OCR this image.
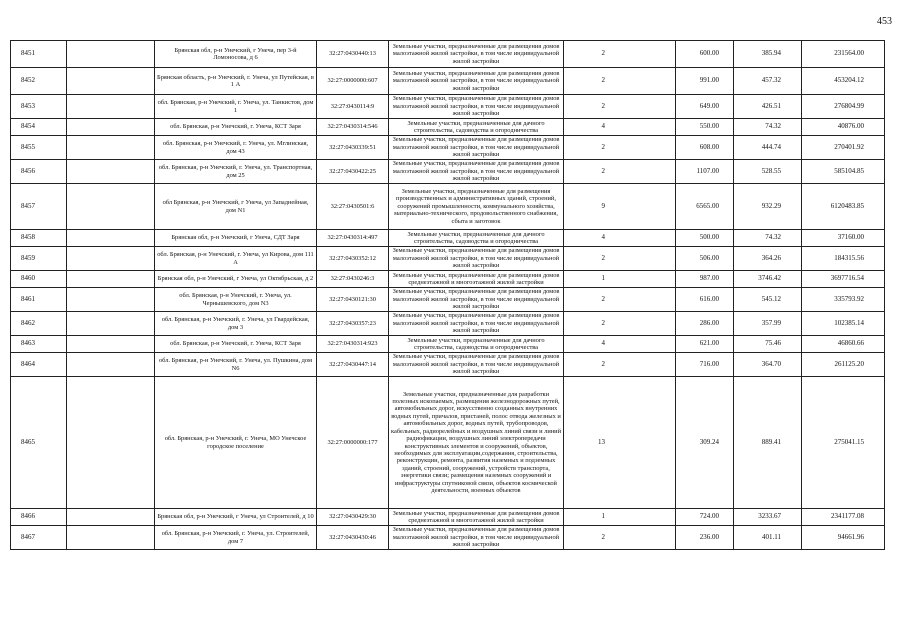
453
8451		Брянская обл, р-н Унечский, г Унеча, пер 3-й Ломоносова, д 6	32:27:0430440:13	Земельные участки, предназначенные для размещения домов малоэтажной жилой застройки, в том числе индивидуальной жилой застройки	2	600.00	385.94	231564.00
8452		Брянская область, р-н Унечский, г. Унеча, ул Путейская, в 1 А	32:27:0000000:607	Земельные участки, предназначенные для размещения домов малоэтажной жилой застройки, в том числе индивидуальной жилой застройки	2	991.00	457.32	453204.12
8453		обл. Брянская, р-н Унечский, г. Унеча, ул. Танкистов, дом 1	32:27:0430114:9	Земельные участки, предназначенные для размещения домов малоэтажной жилой застройки, в том числе индивидуальной жилой застройки	2	649.00	426.51	276804.99
8454		обл. Брянская, р-н Унечский, г. Унеча, КСТ Заря	32:27:0430314:546	Земельные участки, предназначенные для дачного строительства, садоводства и огородничества	4	550.00	74.32	40876.00
8455		обл. Брянская, р-н Унечский, г. Унеча, ул. Мглинская, дом 43	32:27:0430339:51	Земельные участки, предназначенные для размещения домов малоэтажной жилой застройки, в том числе индивидуальной жилой застройки	2	608.00	444.74	270401.92
8456		обл. Брянская, р-н Унечский, г. Унеча, ул. Транспортная, дом 25	32:27:0430422:25	Земельные участки, предназначенные для размещения домов малоэтажной жилой застройки, в том числе индивидуальной жилой застройки	2	1107.00	528.55	585104.85
8457		обл Брянская, р-н Унечский, г Унеча, ул Западнейная, дом N1	32:27:0430501:6	Земельные участки, предназначенные для размещения производственных и административных зданий, строений, сооружений промышленности, коммунального хозяйства, материально-технического, продовольственного снабжения, сбыта и заготовок	9	6565.00	932.29	6120483.85
8458		Брянская обл, р-н Унечский, г Унеча, СДТ Заря	32:27:0430314:497	Земельные участки, предназначенные для дачного строительства, садоводства и огородничества	4	500.00	74.32	37160.00
8459		обл. Брянская, р-н Унечский, г. Унеча, ул Кирова, дом 111 А	32:27:0430352:12	Земельные участки, предназначенные для размещения домов малоэтажной жилой застройки, в том числе индивидуальной жилой застройки	2	506.00	364.26	184315.56
8460		Брянская обл, р-н Унечский, г Унеча, ул Октябрьская, д 2	32:27:0430246:3	Земельные участки, предназначенные для размещения домов среднеэтажной и многоэтажной жилой застройки	1	987.00	3746.42	3697716.54
8461		обл. Брянская, р-н Унечский, г. Унеча, ул. Чернышевского, дом N3	32:27:0430121:30	Земельные участки, предназначенные для размещения домов малоэтажной жилой застройки, в том числе индивидуальной жилой застройки	2	616.00	545.12	335793.92
8462		обл. Брянская, р-н Унечский, г. Унеча, ул Гвардейская, дом 3	32:27:0430357:23	Земельные участки, предназначенные для размещения домов малоэтажной жилой застройки, в том числе индивидуальной жилой застройки	2	286.00	357.99	102385.14
8463		обл. Брянская, р-н Унечский, г. Унеча, КСТ Заря	32:27:0430314:923	Земельные участки, предназначенные для дачного строительства, садоводства и огородничества	4	621.00	75.46	46860.66
8464		обл. Брянская, р-н Унечский, г. Унеча, ул. Пушкина, дом N6	32:27:0430447:14	Земельные участки, предназначенные для размещения домов малоэтажной жилой застройки, в том числе индивидуальной жилой застройки	2	716.00	364.70	261125.20
8465		обл. Брянская, р-н Унечский, г. Унеча, МО Унечское городское поселение	32:27:0000000:177	Земельные участки, предназначенные для разработки полезных ископаемых, размещения железнодорожных путей, автомобильных дорог, искусственно созданных внутренних водных путей, причалов, пристаней, полос отвода железных и автомобильных дорог, водных путей, трубопроводов, кабельных, радиорелейных и воздушных линий связи и линий радиофикации, воздушных линий электропередачи конструктивных элементов и сооружений, объектов, необходимых для эксплуатации,содержания, строительства, реконструкции, ремонта, развития наземных и подземных зданий, строений, сооружений, устройств транспорта, энергетики связи; размещения наземных сооружений и инфраструктуры спутниковой связи, объектов космической деятельности, военных объектов	13	309.24	889.41	275041.15
8466		Брянская обл, р-н Унечский, г Унеча, ул Строителей, д 10	32:27:0430429:30	Земельные участки, предназначенные для размещения домов среднеэтажной и многоэтажной жилой застройки	1	724.00	3233.67	2341177.08
8467		обл. Брянская, р-н Унечский, г. Унеча, ул. Строителей, дом 7	32:27:0430430:46	Земельные участки, предназначенные для размещения домов малоэтажной жилой застройки, в том числе индивидуальной жилой застройки	2	236.00	401.11	94661.96
